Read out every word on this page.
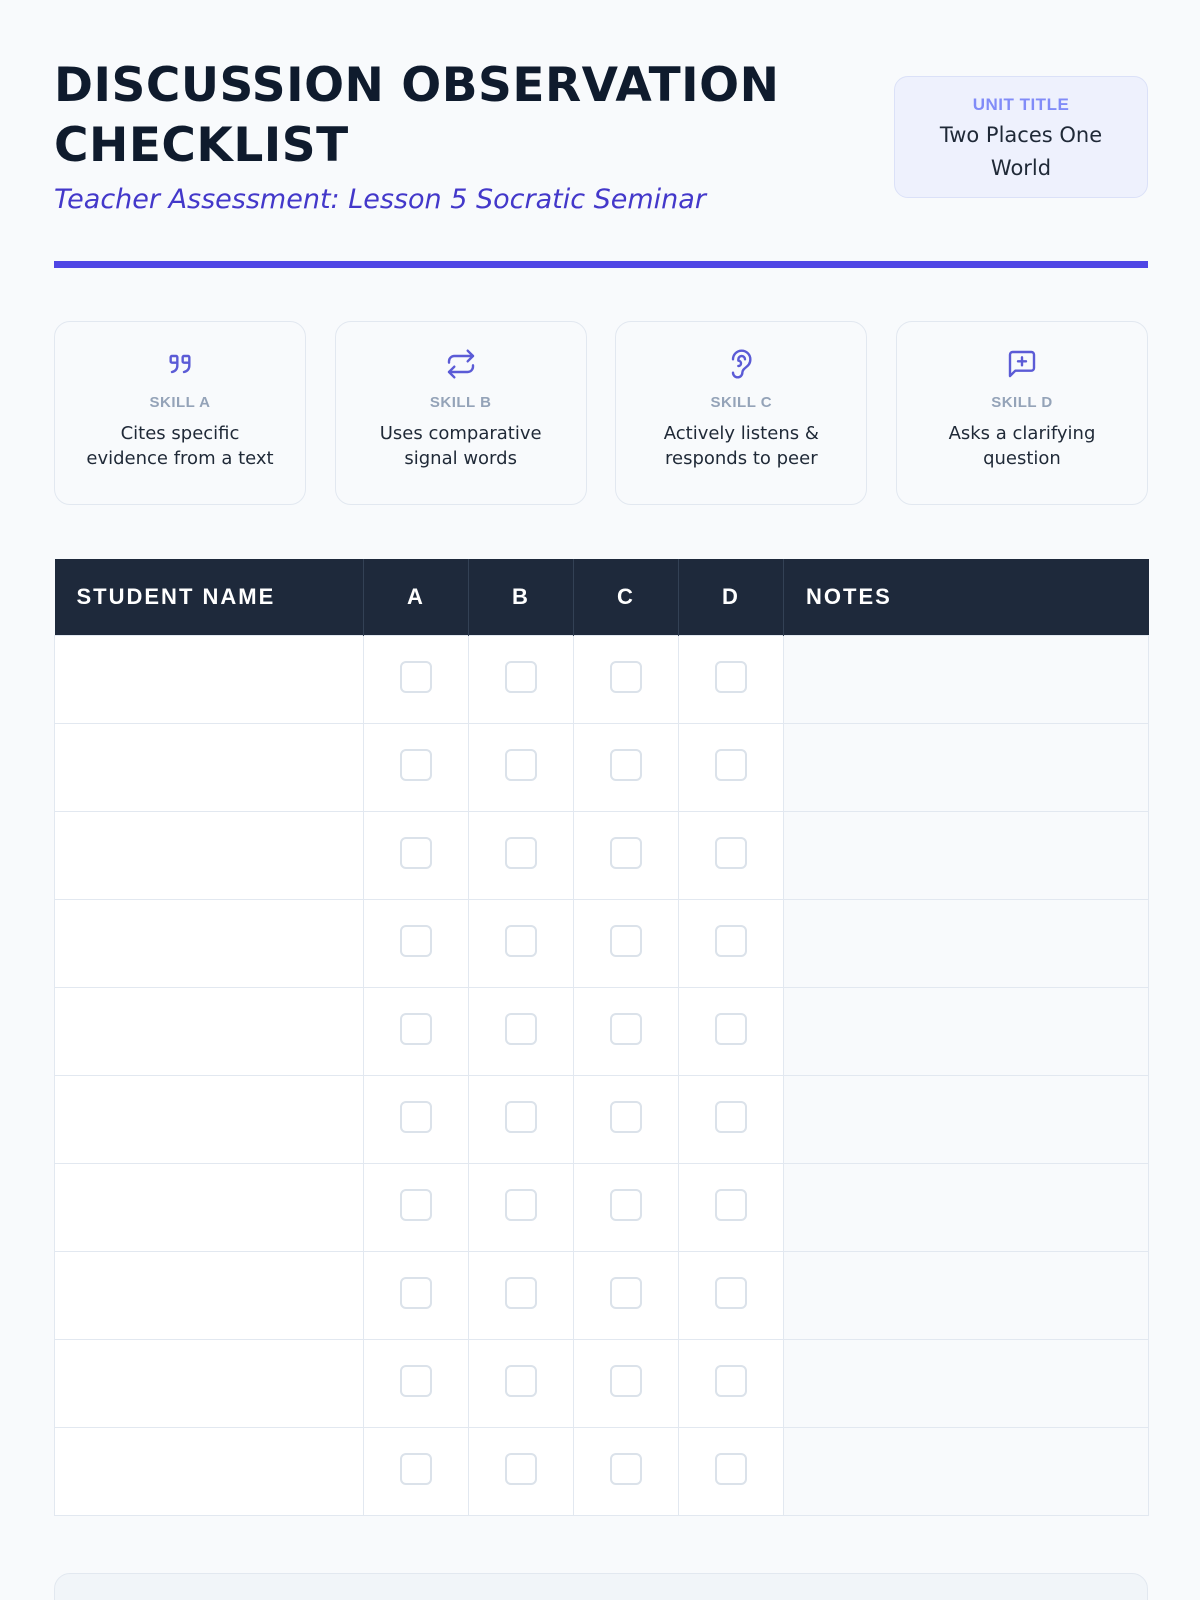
DISCUSSION OBSERVATION CHECKLIST
Teacher Assessment: Lesson 5 Socratic Seminar
UNIT TITLE
Two Places One World
SKILL A
Cites specific evidence from a text
SKILL B
Uses comparative signal words
SKILL C
Actively listens & responds to peer
SKILL D
Asks a clarifying question
STUDENT NAME	A	B	C	D	NOTES
